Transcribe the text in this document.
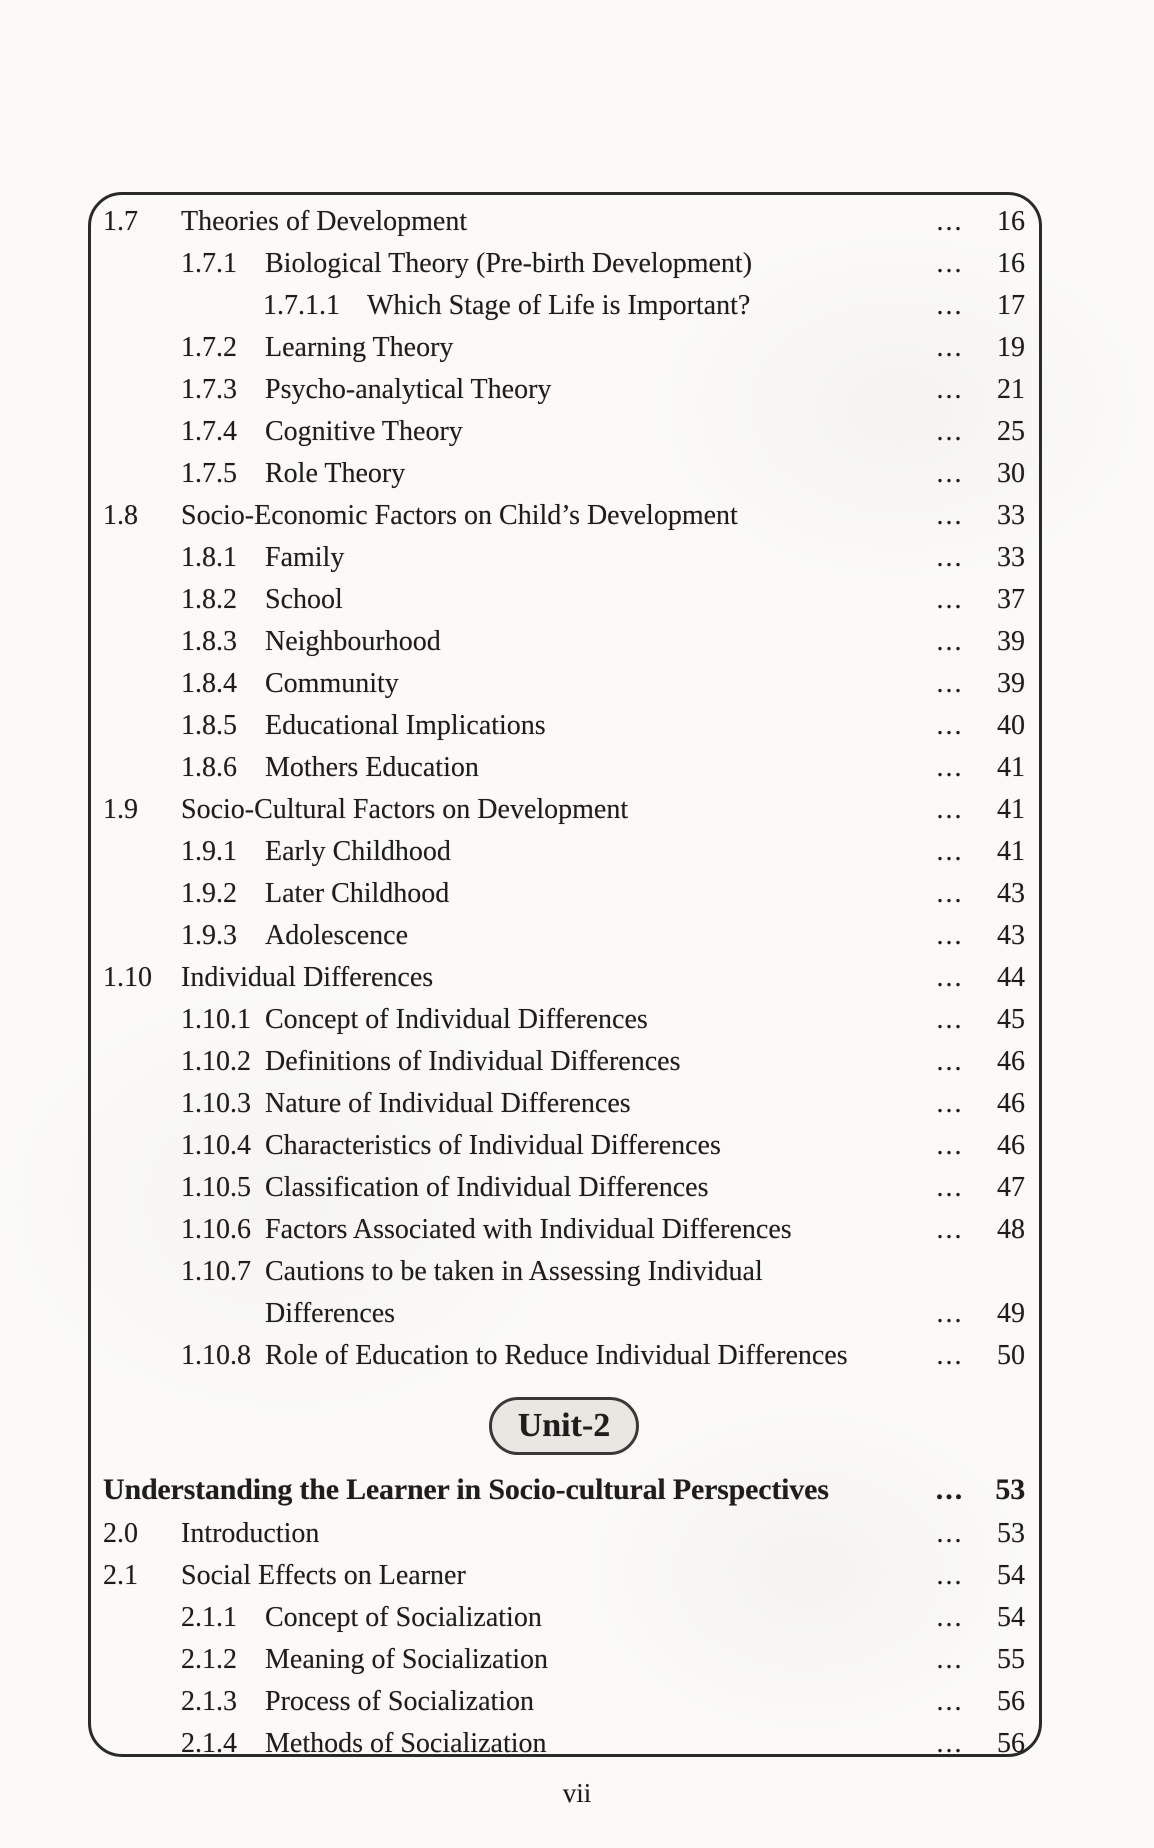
1.7	Theories of Development	...	16
1.7.1	Biological Theory (Pre-birth Development)	...	16
1.7.1.1 Which Stage of Life is Important?	...	17
1.7.2	Learning Theory	...	19
1.7.3	Psycho-analytical Theory	...	21
1.7.4	Cognitive Theory	...	25
1.7.5	Role Theory	...	30
1.8	Socio-Economic Factors on Child’s Development	...	33
1.8.1	Family	...	33
1.8.2	School	...	37
1.8.3	Neighbourhood	...	39
1.8.4	Community	...	39
1.8.5	Educational Implications	...	40
1.8.6	Mothers Education	...	41
1.9	Socio-Cultural Factors on Development	...	41
1.9.1	Early Childhood	...	41
1.9.2	Later Childhood	...	43
1.9.3	Adolescence	...	43
1.10	Individual Differences	...	44
1.10.1 Concept of Individual Differences	...	45
1.10.2 Definitions of Individual Differences	...	46
1.10.3 Nature of Individual Differences	...	46
1.10.4 Characteristics of Individual Differences	...	46
1.10.5 Classification of Individual Differences	...	47
1.10.6 Factors Associated with Individual Differences	...	48
1.10.7 Cautions to be taken in Assessing Individual
Differences	...	49
1.10.8 Role of Education to Reduce Individual Differences	...	50
Unit-2
Understanding the Learner in Socio-cultural Perspectives	...	53
2.0	Introduction	...	53
2.1	Social Effects on Learner	...	54
2.1.1	Concept of Socialization	...	54
2.1.2	Meaning of Socialization	...	55
2.1.3	Process of Socialization	...	56
2.1.4	Methods of Socialization	...	56
vii
